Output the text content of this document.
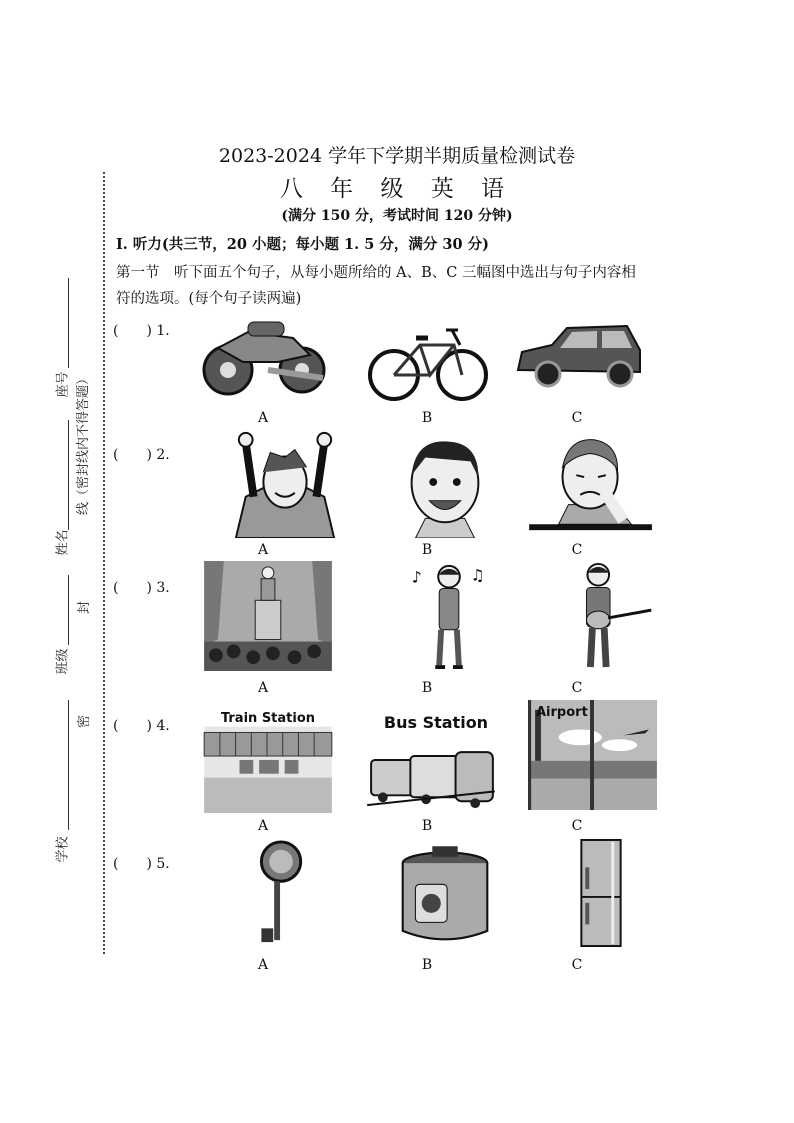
2023-2024 学年下学期半期质量检测试卷
八 年 级 英 语
(满分 150 分，考试时间 120 分钟)
Ⅰ. 听力(共三节，20 小题；每小题 1. 5 分，满分 30 分)
第一节　听下面五个句子，从每小题所给的 A、B、C 三幅图中选出与句子内容相
符的选项。(每个句子读两遍)
座号
姓名
班级
学校
线（密封线内不得答题）
封
密
(　　) 1.
(　　) 2.
(　　) 3.
(　　) 4.
(　　) 5.
A	B	C
A	B	C
♪	♫
A	B	C
Train Station	Bus Station
Airport
A	B	C
A	B	C
